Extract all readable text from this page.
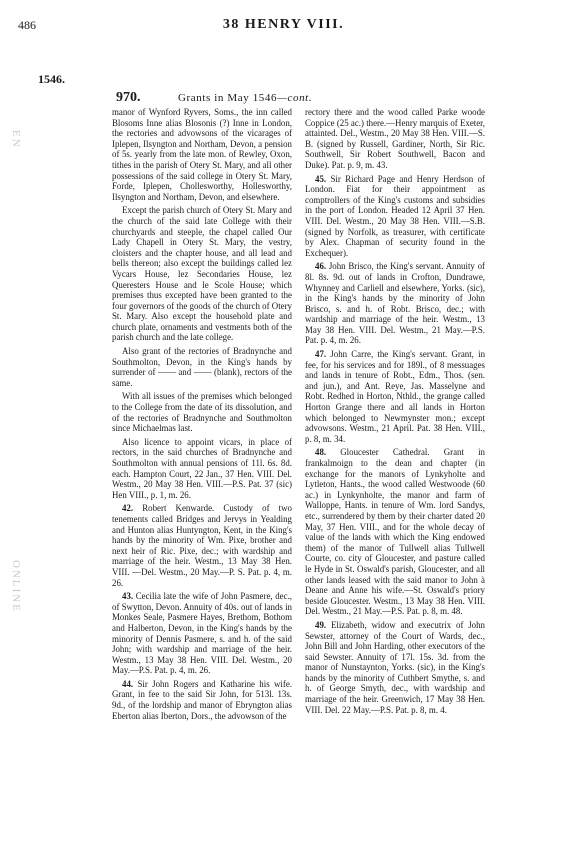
486	38 HENRY VIII.
1546.
970.	Grants in May 1546—cont.
EN
ONLINE

manor of Wynford Ryvers, Soms., the inn called Blosoms Inne alias Blosonis (?) Inne in London, the rectories and advowsons of the vicarages of Iplepen, Ilsyngton and Northam, Devon, a pension of 5s. yearly from the late mon. of Rewley, Oxon, tithes in the parish of Otery St. Mary, and all other possessions of the said college in Otery St. Mary, Forde, Iplepen, Chollesworthy, Hollesworthy, Ilsyngton and Northam, Devon, and elsewhere.

Except the parish church of Otery St. Mary and the church of the said late College with their churchyards and steeple, the chapel called Our Lady Chapell in Otery St. Mary, the vestry, cloisters and the chapter house, and all lead and bells thereon; also except the buildings called lez Vycars House, lez Secondaries House, lez Queresters House and le Scole House; which premises thus excepted have been granted to the four governors of the goods of the church of Otery St. Mary. Also except the household plate and church plate, ornaments and vestments both of the parish church and the late college.

Also grant of the rectories of Bradnynche and Southmolton, Devon, in the King's hands by surrender of —— and —— (blank), rectors of the same.

With all issues of the premises which belonged to the College from the date of its dissolution, and of the rectories of Bradnynche and Southmolton since Michaelmas last.

Also licence to appoint vicars, in place of rectors, in the said churches of Bradnynche and Southmolton with annual pensions of 11l. 6s. 8d. each. Hampton Court, 22 Jan., 37 Hen. VIII. Del. Westm., 20 May 38 Hen. VIII.—P.S. Pat. 37 (sic) Hen VIII., p. 1, m. 26.

42. Robert Kenwarde. Custody of two tenements called Bridges and Jervys in Yealding and Hunton alias Huntyngton, Kent, in the King's hands by the minority of Wm. Pixe, brother and next heir of Ric. Pixe, dec.; with wardship and marriage of the heir. Westm., 13 May 38 Hen. VIII. —Del. Westm., 20 May.—P. S. Pat. p. 4, m. 26.

43. Cecilia late the wife of John Pasmere, dec., of Swytton, Devon. Annuity of 40s. out of lands in Monkes Seale, Pasmere Hayes, Brethom, Bothom and Halberton, Devon, in the King's hands by the minority of Dennis Pasmere, s. and h. of the said John; with wardship and marriage of the heir. Westm., 13 May 38 Hen. VIII. Del. Westm., 20 May.—P.S. Pat. p. 4, m. 26.

44. Sir John Rogers and Katharine his wife. Grant, in fee to the said Sir John, for 513l. 13s. 9d., of the lordship and manor of Ebryngton alias Eberton alias Iberton, Dors., the advowson of the

rectory there and the wood called Parke woode Coppice (25 ac.) there.—Henry marquis of Exeter, attainted. Del., Westm., 20 May 38 Hen. VIII.—S. B. (signed by Russell, Gardiner, North, Sir Ric. Southwell, Sir Robert Southwell, Bacon and Duke). Pat. p. 9, m. 43.

45. Sir Richard Page and Henry Herdson of London. Fiat for their appointment as comptrollers of the King's customs and subsidies in the port of London. Headed 12 April 37 Hen. VIII. Del. Westm., 20 May 38 Hen. VIII.—S.B. (signed by Norfolk, as treasurer, with certificate by Alex. Chapman of security found in the Exchequer).

46. John Brisco, the King's servant. Annuity of 8l. 8s. 9d. out of lands in Crofton, Dundrawe, Whynney and Carliell and elsewhere, Yorks. (sic), in the King's hands by the minority of John Brisco, s. and h. of Robt. Brisco, dec.; with wardship and marriage of the heir. Westm., 13 May 38 Hen. VIII. Del. Westm., 21 May.—P.S. Pat. p. 4, m. 26.

47. John Carre, the King's servant. Grant, in fee, for his services and for 189l., of 8 messuages and lands in tenure of Robt., Edm., Thos. (sen. and jun.), and Ant. Reye, Jas. Masselyne and Robt. Redhed in Horton, Nthld., the grange called Horton Grange there and all lands in Horton which belonged to Newmynster mon.; except advowsons. Westm., 21 April. Pat. 38 Hen. VIII., p. 8, m. 34.

48. Gloucester Cathedral. Grant in frankalmoign to the dean and chapter (in exchange for the manors of Lynkyholte and Lytleton, Hants., the wood called Westwoode (60 ac.) in Lynkynholte, the manor and farm of Walloppe, Hants. in tenure of Wm. lord Sandys, etc., surrendered by them by their charter dated 20 May, 37 Hen. VIII., and for the whole decay of value of the lands with which the King endowed them) of the manor of Tullwell alias Tullwell Courte, co. city of Gloucester, and pasture called le Hyde in St. Oswald's parish, Gloucester, and all other lands leased with the said manor to John à Deane and Anne his wife.—St. Oswald's priory beside Gloucester. Westm., 13 May 38 Hen. VIII. Del. Westm., 21 May.—P.S. Pat. p. 8, m. 48.

49. Elizabeth, widow and executrix of John Sewster, attorney of the Court of Wards, dec., John Bill and John Harding, other executors of the said Sewster. Annuity of 17l. 15s. 3d. from the manor of Nunstaynton, Yorks. (sic), in the King's hands by the minority of Cuthbert Smythe, s. and h. of George Smyth, dec., with wardship and marriage of the heir. Greenwich, 17 May 38 Hen. VIII. Del. 22 May.—P.S. Pat. p. 8, m. 4.
